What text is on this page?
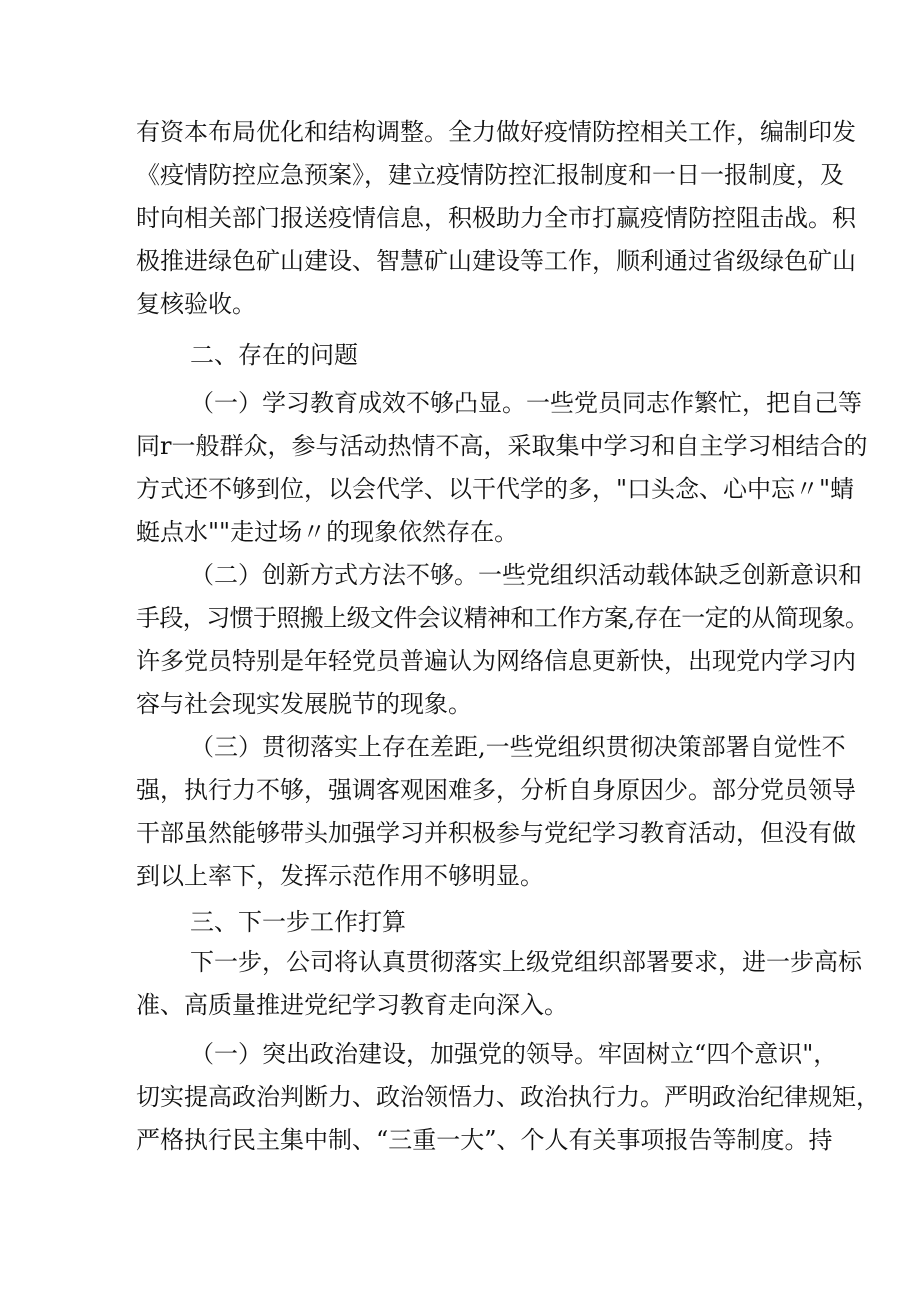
有资本布局优化和结构调整。全力做好疫情防控相关工作，编制印发
《疫情防控应急预案》，建立疫情防控汇报制度和一日一报制度，及
时向相关部门报送疫情信息，积极助力全市打赢疫情防控阻击战。积
极推进绿色矿山建设、智慧矿山建设等工作，顺利通过省级绿色矿山
复核验收。
二、存在的问题
（一）学习教育成效不够凸显。一些党员同志作繁忙，把自己等
同r一般群众，参与活动热情不高，采取集中学习和自主学习相结合的
方式还不够到位，以会代学、以干代学的多，"口头念、心中忘〃"蜻
蜓点水""走过场〃的现象依然存在。
（二）创新方式方法不够。一些党组织活动载体缺乏创新意识和
手段，习惯于照搬上级文件会议精神和工作方案,存在一定的从简现象。
许多党员特别是年轻党员普遍认为网络信息更新快，出现党内学习内
容与社会现实发展脱节的现象。
（三）贯彻落实上存在差距,一些党组织贯彻决策部署自觉性不
强，执行力不够，强调客观困难多，分析自身原因少。部分党员领导
干部虽然能够带头加强学习并积极参与党纪学习教育活动，但没有做
到以上率下，发挥示范作用不够明显。
三、下一步工作打算
下一步，公司将认真贯彻落实上级党组织部署要求，进一步高标
准、高质量推进党纪学习教育走向深入。
（一）突出政治建设，加强党的领导。牢固树立“四个意识"，
切实提高政治判断力、政治领悟力、政治执行力。严明政治纪律规矩，
严格执行民主集中制、“三重一大”、个人有关事项报告等制度。持
